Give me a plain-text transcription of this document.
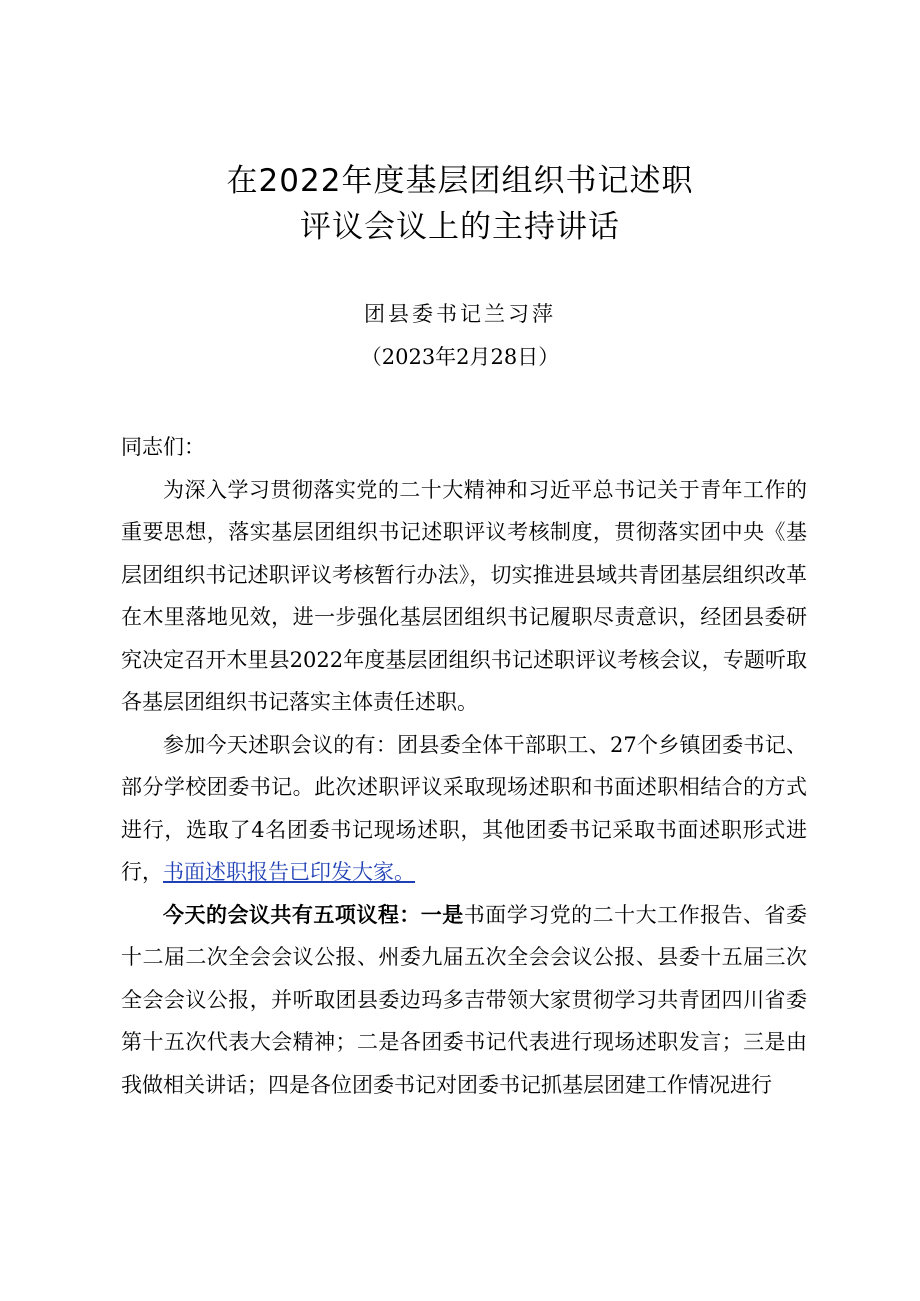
在2022年度基层团组织书记述职
评议会议上的主持讲话
团县委书记兰习萍
（2023年2月28日）

同志们：

为深入学习贯彻落实党的二十大精神和习近平总书记关于青年工作的重要思想，落实基层团组织书记述职评议考核制度，贯彻落实团中央《基层团组织书记述职评议考核暂行办法》，切实推进县域共青团基层组织改革在木里落地见效，进一步强化基层团组织书记履职尽责意识，经团县委研究决定召开木里县2022年度基层团组织书记述职评议考核会议，专题听取各基层团组织书记落实主体责任述职。

参加今天述职会议的有：团县委全体干部职工、27个乡镇团委书记、部分学校团委书记。此次述职评议采取现场述职和书面述职相结合的方式进行，选取了4名团委书记现场述职，其他团委书记采取书面述职形式进行，书面述职报告已印发大家。

今天的会议共有五项议程：一是书面学习党的二十大工作报告、省委十二届二次全会会议公报、州委九届五次全会会议公报、县委十五届三次全会会议公报，并听取团县委边玛多吉带领大家贯彻学习共青团四川省委第十五次代表大会精神；二是各团委书记代表进行现场述职发言；三是由我做相关讲话；四是各位团委书记对团委书记抓基层团建工作情况进行
